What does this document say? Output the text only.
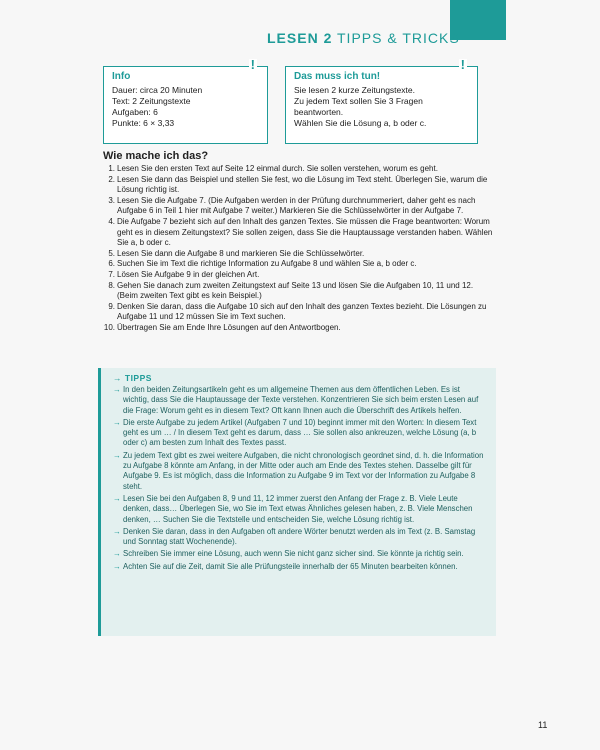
LESEN 2 TIPPS & TRICKS
!
Info
Dauer: circa 20 Minuten
Text: 2 Zeitungstexte
Aufgaben: 6
Punkte: 6 × 3,33
!
Das muss ich tun!
Sie lesen 2 kurze Zeitungstexte.
Zu jedem Text sollen Sie 3 Fragen beantworten.
Wählen Sie die Lösung a, b oder c.
Wie mache ich das?
1. Lesen Sie den ersten Text auf Seite 12 einmal durch. Sie sollen verstehen, worum es geht.
2. Lesen Sie dann das Beispiel und stellen Sie fest, wo die Lösung im Text steht. Überlegen Sie, warum die Lösung richtig ist.
3. Lesen Sie die Aufgabe 7. (Die Aufgaben werden in der Prüfung durchnummeriert, daher geht es nach Aufgabe 6 in Teil 1 hier mit Aufgabe 7 weiter.) Markieren Sie die Schlüsselwörter in der Aufgabe 7.
4. Die Aufgabe 7 bezieht sich auf den Inhalt des ganzen Textes. Sie müssen die Frage beantworten: Worum geht es in diesem Zeitungstext? Sie sollen zeigen, dass Sie die Hauptaussage verstanden haben. Wählen Sie a, b oder c.
5. Lesen Sie dann die Aufgabe 8 und markieren Sie die Schlüsselwörter.
6. Suchen Sie im Text die richtige Information zu Aufgabe 8 und wählen Sie a, b oder c.
7. Lösen Sie Aufgabe 9 in der gleichen Art.
8. Gehen Sie danach zum zweiten Zeitungstext auf Seite 13 und lösen Sie die Aufgaben 10, 11 und 12. (Beim zweiten Text gibt es kein Beispiel.)
9. Denken Sie daran, dass die Aufgabe 10 sich auf den Inhalt des ganzen Textes bezieht. Die Lösungen zu Aufgabe 11 und 12 müssen Sie im Text suchen.
10. Übertragen Sie am Ende Ihre Lösungen auf den Antwortbogen.
→ TIPPS
→ In den beiden Zeitungsartikeln geht es um allgemeine Themen aus dem öffentlichen Leben. Es ist wichtig, dass Sie die Hauptaussage der Texte verstehen. Konzentrieren Sie sich beim ersten Lesen auf die Frage: Worum geht es in diesem Text? Oft kann Ihnen auch die Überschrift des Artikels helfen.
→ Die erste Aufgabe zu jedem Artikel (Aufgaben 7 und 10) beginnt immer mit den Worten: In diesem Text geht es um … / In diesem Text geht es darum, dass … Sie sollen also ankreuzen, welche Lösung (a, b oder c) am besten zum Inhalt des Textes passt.
→ Zu jedem Text gibt es zwei weitere Aufgaben, die nicht chronologisch geordnet sind, d. h. die Information zu Aufgabe 8 könnte am Anfang, in der Mitte oder auch am Ende des Textes stehen. Dasselbe gilt für Aufgabe 9. Es ist möglich, dass die Information zu Aufgabe 9 im Text vor der Information zu Aufgabe 8 steht.
→ Lesen Sie bei den Aufgaben 8, 9 und 11, 12 immer zuerst den Anfang der Frage z. B. Viele Leute denken, dass… Überlegen Sie, wo Sie im Text etwas Ähnliches gelesen haben, z. B. Viele Menschen denken, … Suchen Sie die Textstelle und entscheiden Sie, welche Lösung richtig ist.
→ Denken Sie daran, dass in den Aufgaben oft andere Wörter benutzt werden als im Text (z. B. Samstag und Sonntag statt Wochenende).
→ Schreiben Sie immer eine Lösung, auch wenn Sie nicht ganz sicher sind. Sie könnte ja richtig sein.
→ Achten Sie auf die Zeit, damit Sie alle Prüfungsteile innerhalb der 65 Minuten bearbeiten können.
11
